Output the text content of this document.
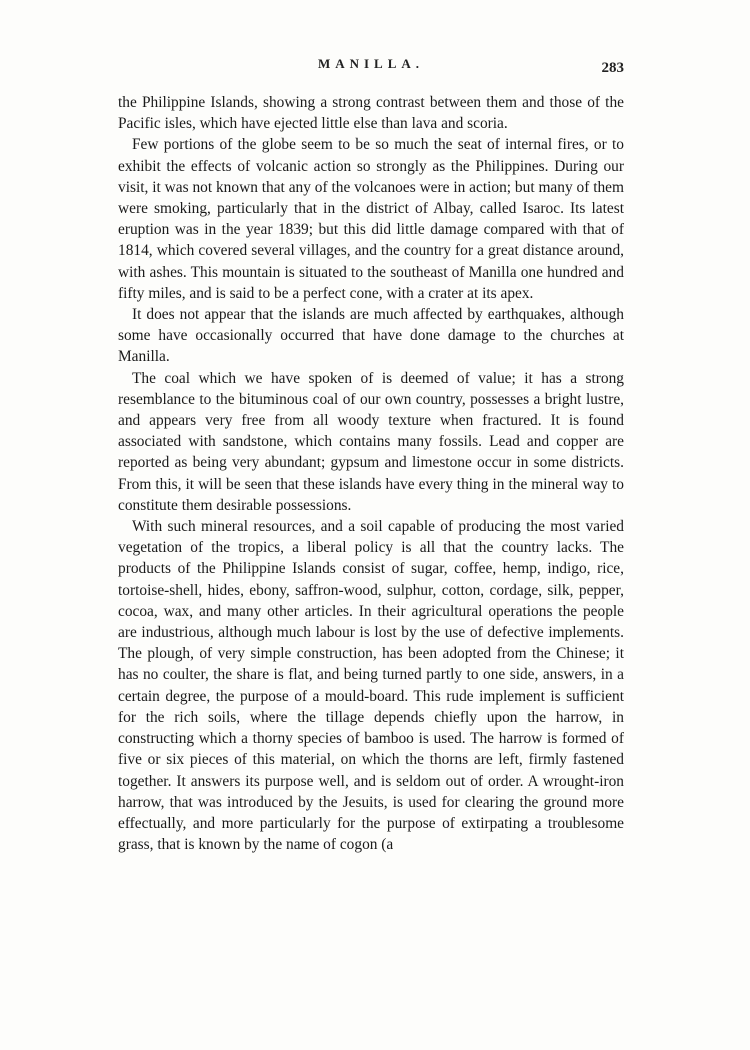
MANILLA.	283

the Philippine Islands, showing a strong contrast between them and those of the Pacific isles, which have ejected little else than lava and scoria.

Few portions of the globe seem to be so much the seat of internal fires, or to exhibit the effects of volcanic action so strongly as the Philippines. During our visit, it was not known that any of the volcanoes were in action; but many of them were smoking, particularly that in the district of Albay, called Isaroc. Its latest eruption was in the year 1839; but this did little damage compared with that of 1814, which covered several villages, and the country for a great distance around, with ashes. This mountain is situated to the southeast of Manilla one hundred and fifty miles, and is said to be a perfect cone, with a crater at its apex.

It does not appear that the islands are much affected by earthquakes, although some have occasionally occurred that have done damage to the churches at Manilla.

The coal which we have spoken of is deemed of value; it has a strong resemblance to the bituminous coal of our own country, possesses a bright lustre, and appears very free from all woody texture when fractured. It is found associated with sandstone, which contains many fossils. Lead and copper are reported as being very abundant; gypsum and limestone occur in some districts. From this, it will be seen that these islands have every thing in the mineral way to constitute them desirable possessions.

With such mineral resources, and a soil capable of producing the most varied vegetation of the tropics, a liberal policy is all that the country lacks. The products of the Philippine Islands consist of sugar, coffee, hemp, indigo, rice, tortoise-shell, hides, ebony, saffron-wood, sulphur, cotton, cordage, silk, pepper, cocoa, wax, and many other articles. In their agricultural operations the people are industrious, although much labour is lost by the use of defective implements. The plough, of very simple construction, has been adopted from the Chinese; it has no coulter, the share is flat, and being turned partly to one side, answers, in a certain degree, the purpose of a mould-board. This rude implement is sufficient for the rich soils, where the tillage depends chiefly upon the harrow, in constructing which a thorny species of bamboo is used. The harrow is formed of five or six pieces of this material, on which the thorns are left, firmly fastened together. It answers its purpose well, and is seldom out of order. A wrought-iron harrow, that was introduced by the Jesuits, is used for clearing the ground more effectually, and more particularly for the purpose of extirpating a troublesome grass, that is known by the name of cogon (a
